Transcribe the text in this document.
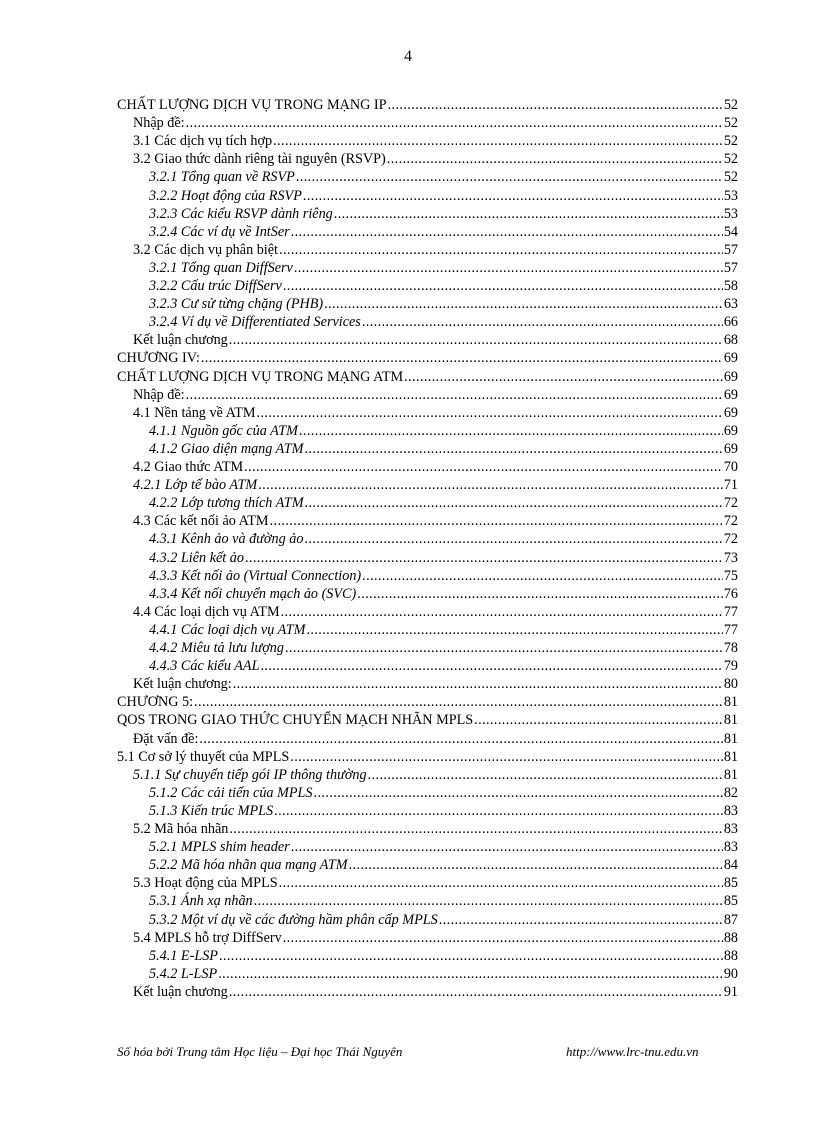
4
CHẤT LƯỢNG DỊCH VỤ TRONG MẠNG IP .....	52
Nhập đề: .....	52
3.1 Các dịch vụ tích hợp .....	52
3.2 Giao thức dành riêng tài nguyên (RSVP) .....	52
3.2.1 Tổng quan về RSVP .....	52
3.2.2 Hoạt động của RSVP .....	53
3.2.3 Các kiểu RSVP dành riêng .....	53
3.2.4 Các ví dụ về IntSer .....	54
3.2 Các dịch vụ phân biệt .....	57
3.2.1 Tổng quan DiffServ .....	57
3.2.2 Cấu trúc DiffServ .....	58
3.2.3 Cư sử từng chặng (PHB) .....	63
3.2.4 Ví dụ về Differentiated Services .....	66
Kết luận chương .....	68
CHƯƠNG IV: .....	69
CHẤT LƯỢNG DỊCH VỤ TRONG MẠNG ATM .....	69
Nhập đề: .....	69
4.1 Nền tảng về ATM .....	69
4.1.1 Nguồn gốc của ATM .....	69
4.1.2 Giao diện mạng ATM .....	69
4.2 Giao thức ATM .....	70
4.2.1 Lớp tế bào ATM .....	71
4.2.2 Lớp tương thích ATM .....	72
4.3 Các kết nối ảo ATM .....	72
4.3.1 Kênh ảo và đường ảo .....	72
4.3.2 Liên kết ảo .....	73
4.3.3 Kết nối ảo (Virtual Connection) .....	75
4.3.4 Kết nối chuyển mạch ảo (SVC) .....	76
4.4 Các loại dịch vụ ATM .....	77
4.4.1 Các loại dịch vụ ATM .....	77
4.4.2 Miêu tả lưu lượng .....	78
4.4.3 Các kiểu AAL .....	79
Kết luận chương: .....	80
CHƯƠNG 5: .....	81
QOS TRONG GIAO THỨC CHUYỂN MẠCH NHÃN MPLS .....	81
Đặt vấn đề: .....	81
5.1 Cơ sở lý thuyết của MPLS .....	81
5.1.1 Sự chuyển tiếp gói IP thông thường .....	81
5.1.2 Các cải tiến của MPLS .....	82
5.1.3 Kiến trúc MPLS .....	83
5.2 Mã hóa nhãn .....	83
5.2.1 MPLS shim header .....	83
5.2.2 Mã hóa nhãn qua mạng ATM .....	84
5.3 Hoạt động của MPLS .....	85
5.3.1 Ánh xạ nhãn .....	85
5.3.2 Một ví dụ về các đường hầm phân cấp MPLS .....	87
5.4 MPLS hỗ trợ DiffServ .....	88
5.4.1 E-LSP .....	88
5.4.2 L-LSP .....	90
Kết luận chương .....	91
Số hóa bởi Trung tâm Học liệu – Đại học Thái Nguyên	http://www.lrc-tnu.edu.vn
